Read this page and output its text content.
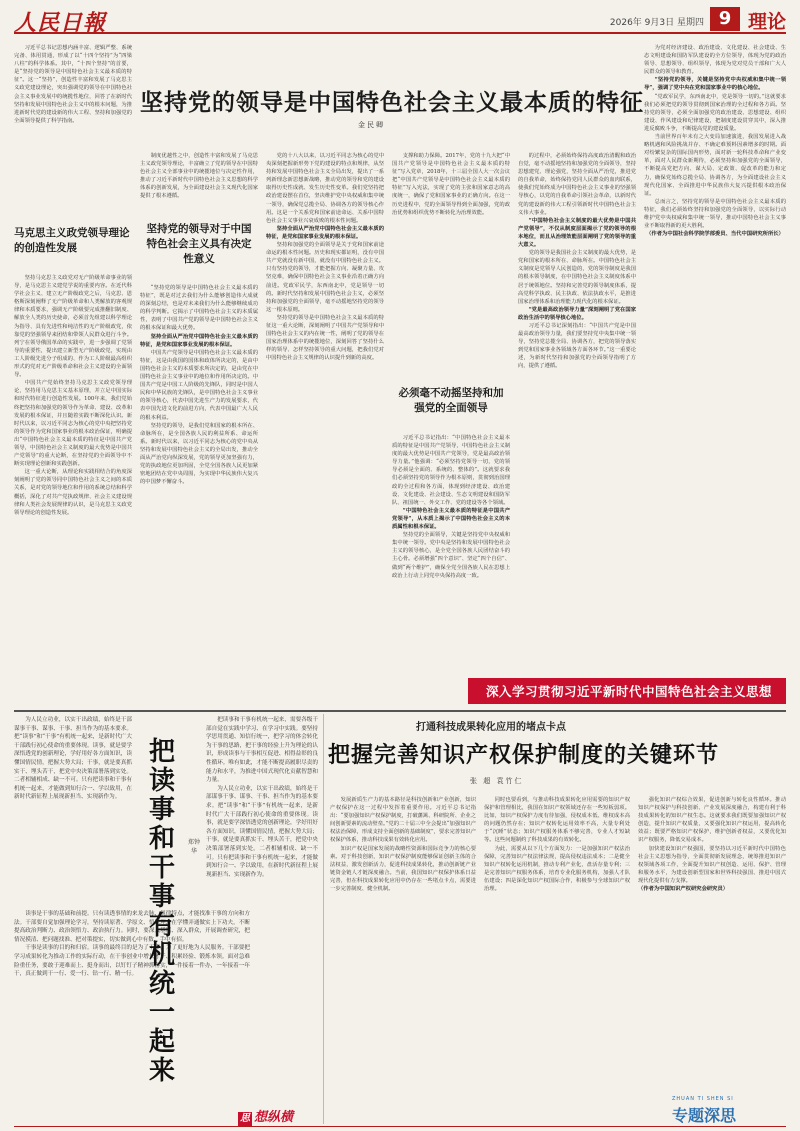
人民日報	2026年 9月3日 星期四 9 理论

习近平总书记思想内涵丰富、逻辑严整、系统完备、体用贯通，形成了以“十四个坚持”为“四梁八柱”的科学体系。其中，“十四个坚持”的首要，是“坚持党的领导是中国特色社会主义最本质的特征”。这一“坚持”，创造性丰富和发展了马克思主义政党建设理论，突出强调党的领导在中国特色社会主义事业发展中的统揽性地位，回答了在新时代坚持和发展中国特色社会主义中的根本问题，为推进新时代党的建设新的伟大工程、坚持和加强党的全面领导提供了科学指南。

马克思主义政党领导理论的创造性发展

坚持马克思主义政党对无产阶级革命事业的领导，是马克思主义建党学说的重要内容。在近代科学社会主义、建立无产阶级政党之后，马克思、恩格斯深刻阐释了无产阶级革命和人类解放的客观规律和本质要求，强调无产阶级要完成推翻旧制度、解放全人类的历史使命，必须首先组建以科学理论为指导、具有先进性和纯洁性的无产阶级政党，依靠党的坚强领导来团结和带领人民群众进行斗争。列宁在领导俄国革命的实践中，进一步强调了党领导的重要性，提出建立新型无产阶级政党，实现由工人阶级先进分子组成的、作为工人阶级最高组织形式的党对无产阶级革命和社会主义建设的全面领导。

中国共产党始终坚持马克思主义政党领导理论，坚持用马克思主义基本原理，并立足中国实际和时代特征进行创造性发展。100年来，我们党始终把坚持和加强党的领导作为革命、建设、改革和发展的根本保证，并且随着实践不断深化认识。新时代以来，以习近平同志为核心的党中央把坚持党的领导作为党和国家事业的根本政治保证，明确提出“中国特色社会主义最本质的特征是中国共产党领导，中国特色社会主义制度的最大优势是中国共产党领导”的重大论断，在坚持党的全面领导中不断实现理论创新和实践创新。

这一重大论断，从理论和实践相结合的角度深刻阐明了党的领导同中国特色社会主义之间的本质关系，是对党的领导地位和作用的系统总结和科学概括，深化了对共产党执政规律、社会主义建设规律和人类社会发展规律的认识，是马克思主义政党领导理论的创造性发展。

坚持党的领导是中国特色社会主义最本质的特征
金民卿

制度优越性之中，创造性丰富和发展了马克思主义政党领导理论，丰富确立了党的领导在中国特色社会主义全部事业中的统揽地位与决定性作用，推动了习近平新时代中国特色社会主义思想的科学体系的创新发展，为全面建设社会主义现代化国家提供了根本遵循。

坚持党的领导对于中国特色社会主义具有决定性意义

“坚持党的领导是中国特色社会主义最本质的特征”，既是对过去我们为什么能够创造伟大成就的深刻总结，也是对未来我们为什么能够继续成功的科学判断。它揭示了中国特色社会主义的本质属性，表明了中国共产党的领导是中国特色社会主义的根本保证和最大优势。

坚持全面从严治党中国特色社会主义最本质的特征，是党和国家事业发展的根本保证。

中国共产党领导是中国特色社会主义最本质的特征，这是由我国的国体和政体所决定的，是由中国特色社会主义的本质要求所决定的，是由党在中国特色社会主义事业中的地位和作用所决定的。中国共产党是中国工人阶级的先锋队，同时是中国人民和中华民族的先锋队，是中国特色社会主义事业的领导核心，代表中国先进生产力的发展要求，代表中国先进文化的前进方向，代表中国最广大人民的根本利益。

坚持党的领导，是我们党和国家的根本所在、命脉所在，是全国各族人民的利益所系、命运所系。新时代以来，以习近平同志为核心的党中央从坚持和发展中国特色社会主义的全局出发，推动全面从严治党向纵深发展，党的领导更加坚强有力，党的执政地位更加巩固，全党全国各族人民更加紧密地团结在党中央周围，为实现中华民族伟大复兴的中国梦不懈奋斗。

党的十八大以来，以习近平同志为核心的党中央深刻把握新形势下党的建设的特点和规律，从坚持和发展中国特色社会主义全局出发，提出了一系列新理念新思想新战略，推动党的领导和党的建设取得历史性成就、发生历史性变革。我们党坚持把政治建设摆在首位，坚决维护党中央权威和集中统一领导，确保党总揽全局、协调各方的领导核心作用。这是一个关系党和国家前途命运、关系中国特色社会主义事业兴衰成败的根本性问题。

坚持全面从严治党中国特色社会主义最本质的特征，是党和国家事业发展的根本保证。

坚持和加强党的全面领导是关于党和国家前途命运的根本性问题。历史和现实都证明，没有中国共产党就没有新中国，就没有中国特色社会主义。只有坚持党的领导，才能把握方向、凝聚力量、攻坚克难，确保中国特色社会主义事业沿着正确方向前进。党政军民学，东西南北中，党是领导一切的。新时代坚持和发展中国特色社会主义，必须坚持和加强党的全面领导，毫不动摇地坚持党的领导这一根本原则。

坚持党的领导是中国特色社会主义最本质的特征这一重大论断，深刻阐明了中国共产党领导和中国特色社会主义的内在统一性，阐明了党的领导在国家治理体系中的统揽地位，深刻回答了坚持什么样的领导、怎样坚持领导的重大问题，把我们党对中国特色社会主义规律的认识提升到新的高度。

支撑和助力保障。2017年，党的十九大把“中国共产党领导是中国特色社会主义最本质的特征”写入党章，2018年，十三届全国人大一次会议把“中国共产党领导是中国特色社会主义最本质的特征”写入宪法，实现了党的主张和国家意志的高度统一，确保了党和国家事业的正确方向。在这一历史进程中，党的全面领导得到全面加强，党的政治优势和组织优势不断转化为治理效能。

必须毫不动摇坚持和加强党的全面领导

习近平总书记指出：“中国特色社会主义最本质的特征是中国共产党领导，中国特色社会主义制度的最大优势是中国共产党领导，党是最高政治领导力量。”他强调：“必须坚持党领导一切，党的领导必须是全面的、系统的、整体的”。这就要求我们必须坚持党的领导作为根本原则，贯彻到治国理政的全过程和各方面，体现到经济建设、政治建设、文化建设、社会建设、生态文明建设和国防军队、祖国统一、外交工作、党的建设等各个领域。

“中国特色社会主义最本质的特征是中国共产党领导”，从本质上揭示了中国特色社会主义的本质属性和根本保证。

坚持党的全面领导，关键是坚持党中央权威和集中统一领导。党中央是坚持和发展中国特色社会主义的领导核心，是全党全国各族人民团结奋斗的主心骨。必须增强“四个意识”、坚定“四个自信”、做到“两个维护”，确保全党全国各族人民在思想上政治上行动上同党中央保持高度一致。

的过程中，必须始终保持高度政治清醒和政治自觉，毫不动摇地坚持和加强党的全面领导，坚持思想建党、理论强党，坚持全面从严治党，推进党的自我革命，始终保持党同人民群众的血肉联系，使我们党始终成为中国特色社会主义事业的坚强领导核心，以党的自我革命引领社会革命，以新时代党的建设新的伟大工程引领新时代中国特色社会主义伟大事业。

“中国特色社会主义制度的最大优势是中国共产党领导”，不仅从制度层面揭示了党的领导的根本地位，而且从治理效能层面阐明了党的领导的重大意义。

党的领导是我国社会主义制度的最大优势，是党和国家的根本所在、命脉所在。中国特色社会主义制度是党领导人民创造的，党的领导制度是我国的根本领导制度，在中国特色社会主义制度体系中居于统领地位。坚持和完善党的领导制度体系，提高党科学执政、民主执政、依法执政水平，是推进国家治理体系和治理能力现代化的根本保证。

“党是最高政治领导力量”深刻阐明了党在国家政治生活中的领导核心地位。

习近平总书记深刻指出：“中国共产党是中国最高政治领导力量，我们要坚持党中央集中统一领导，坚持党总揽全局、协调各方，把党的领导落实到党和国家事业各领域各方面各环节。”这一重要论述，为新时代坚持和加强党的全面领导指明了方向，提供了遵循。

为党对经济建设、政治建设、文化建设、社会建设、生态文明建设和国防军队建设的全方位领导，体现为党的政治领导、思想领导、组织领导，体现为党对党员干部和广大人民群众的领导和教育。

“坚持党的领导，关键是坚持党中央权威和集中统一领导”，强调了党中央在党和国家事业中的核心地位。

“党政军民学，东西南北中，党是领导一切的。”这就要求我们必须把党的领导贯彻到国家治理的全过程和各方面。坚持党的领导，必须全面加强党的政治建设、思想建设、组织建设、作风建设和纪律建设，把制度建设贯穿其中，深入推进反腐败斗争，不断提高党的建设质量。

当前世界百年未有之大变局加速演进，我国发展进入战略机遇和风险挑战并存、不确定难预料因素增多的时期。面对纷繁复杂的国际国内形势，面对新一轮科技革命和产业变革，面对人民群众新期待，必须坚持和加强党的全面领导，不断提高党把方向、谋大局、定政策、促改革的能力和定力，确保党始终总揽全局、协调各方，为全面建设社会主义现代化国家、全面推进中华民族伟大复兴提供根本政治保证。

总而言之，坚持党的领导是中国特色社会主义最本质的特征，我们必须始终坚持和加强党的全面领导，以实际行动维护党中央权威和集中统一领导，推动中国特色社会主义事业不断取得新的更大胜利。

（作者为中国社会科学院学部委员、当代中国研究所所长）

深入学习贯彻习近平新时代中国特色社会主义思想

为人民立功业，以实干出政绩，始终是干部谋事干事、谋事、干事、担当作为的基本要求。把“读事”和“干事”有机统一起来，是新时代广大干部践行初心使命的重要体现。读事，就是要学深悟透党的创新理论，学好用好各方面知识，读懂国情民情，把握大势大局；干事，就是要真抓实干、埋头苦干，把党中央决策部署落到实处。二者相辅相成、缺一不可。只有把读事和干事有机统一起来，才能做到知行合一、学以致用，在新时代新征程上展现新担当、实现新作为。

读事是干事的基础和前提。只有读透事情的来龙去脉、规律特点，才能找准干事的方向和方法。干部要自觉加强理论学习，坚持读原著、学原文、悟原理，在学懂弄通做实上下功夫，不断提高政治判断力、政治领悟力、政治执行力。同时，要深入基层、深入群众，开展调查研究，把情况摸清、把问题找准、把对策提实，切实做到心中有数、手中有招。

干事是读事的目的和归宿。读事的最终目的是为了干事，为了更好地为人民服务。干部要把学习成果转化为推动工作的实际行动，在干事创业中增长才干、积累经验、锻炼本领。面对急难险重任务，要敢于迎难而上、挺身而出，以钉钉子精神抓落实，一件接着一件办，一年接着一年干，真正做到干一行、爱一行、钻一行、精一行。

把
读
事
和
干
事
有
机
统
一
起
来
郑钟华

把读事和干事有机统一起来，需要各级干部自觉在实践中学习、在学习中实践。要坚持学思用贯通、知信行统一，把学习的体会转化为干事的思路，把干事的经验上升为理论的认识，形成读事与干事相互促进、相得益彰的良性循环。唯有如此，才能不断提高履职尽责的能力和水平，为推进中国式现代化贡献智慧和力量。

为人民立功业，以实干出政绩，始终是干部谋事干事、谋事、干事、担当作为的基本要求。把“读事”和“干事”有机统一起来，是新时代广大干部践行初心使命的重要体现。读事，就是要学深悟透党的创新理论，学好用好各方面知识，读懂国情民情，把握大势大局；干事，就是要真抓实干、埋头苦干，把党中央决策部署落到实处。二者相辅相成、缺一不可。只有把读事和干事有机统一起来，才能做到知行合一、学以致用，在新时代新征程上展现新担当、实现新作为。

思 想纵横
打通科技成果转化应用的堵点卡点
把握完善知识产权保护制度的关键环节
张 超 袁竹仁

发展新质生产力的基本路径是科技创新和产业创新，知识产权保护在这一过程中发挥着重要作用。习近平总书记指出：“要加强知识产权保护制度，打破藩篱、科研院所、企业之间创新要素的流动壁垒。”党的二十届三中全会提出“加强知识产权法治保障，形成支持全面创新的基础制度”，要求完善知识产权保护体系，推动科技成果有效转化应用。

知识产权是国家发展的战略性资源和国际竞争力的核心要素。对于科技创新，知识产权保护制度能够保证创新主体的合法权益，激发创新活力，促进科技成果转化，推动创新链产业链资金链人才链深度融合。当前，我国知识产权保护体系日益完善，但在科技成果转化应用中仍存在一些堵点卡点，需要进一步完善制度、健全机制。

同时也要看到，与推动科技成果转化应用需要的知识产权保护和管理相比，我国在知识产权领域还存在一些短板弱项。比如，知识产权保护力度有待加强，侵权成本低、维权成本高的问题仍然存在；知识产权转化运用效率不高，大量专利处于“沉睡”状态；知识产权服务体系不够完善，专业人才短缺等。这些问题制约了科技成果的有效转化。

为此，需要从以下几个方面发力：一是加强知识产权法治保障，完善知识产权法律法规，提高侵权违法成本；二是健全知识产权转化运用机制，推动专利产业化，盘活存量专利；三是完善知识产权服务体系，培育专业化服务机构，加强人才队伍建设；四是深化知识产权国际合作，积极参与全球知识产权治理。

强化知识产权综合效果，促进创新与转化良性循环。推动知识产权保护与科技创新、产业发展深度融合，构建有利于科技成果转化的知识产权生态。这就要求我们既要加强知识产权创造，提升知识产权质量，又要强化知识产权运用，提高转化效益；既要严格知识产权保护，维护创新者权益，又要优化知识产权服务，降低交易成本。

加快建设知识产权强国，要坚持以习近平新时代中国特色社会主义思想为指导，全面贯彻新发展理念，统筹推进知识产权领域各项工作，全面提升知识产权创造、运用、保护、管理和服务水平，为建设创新型国家和世界科技强国、推进中国式现代化提供有力支撑。

（作者为中国知识产权研究会研究员）

ZHUAN TI SHEN SI
专题深思
